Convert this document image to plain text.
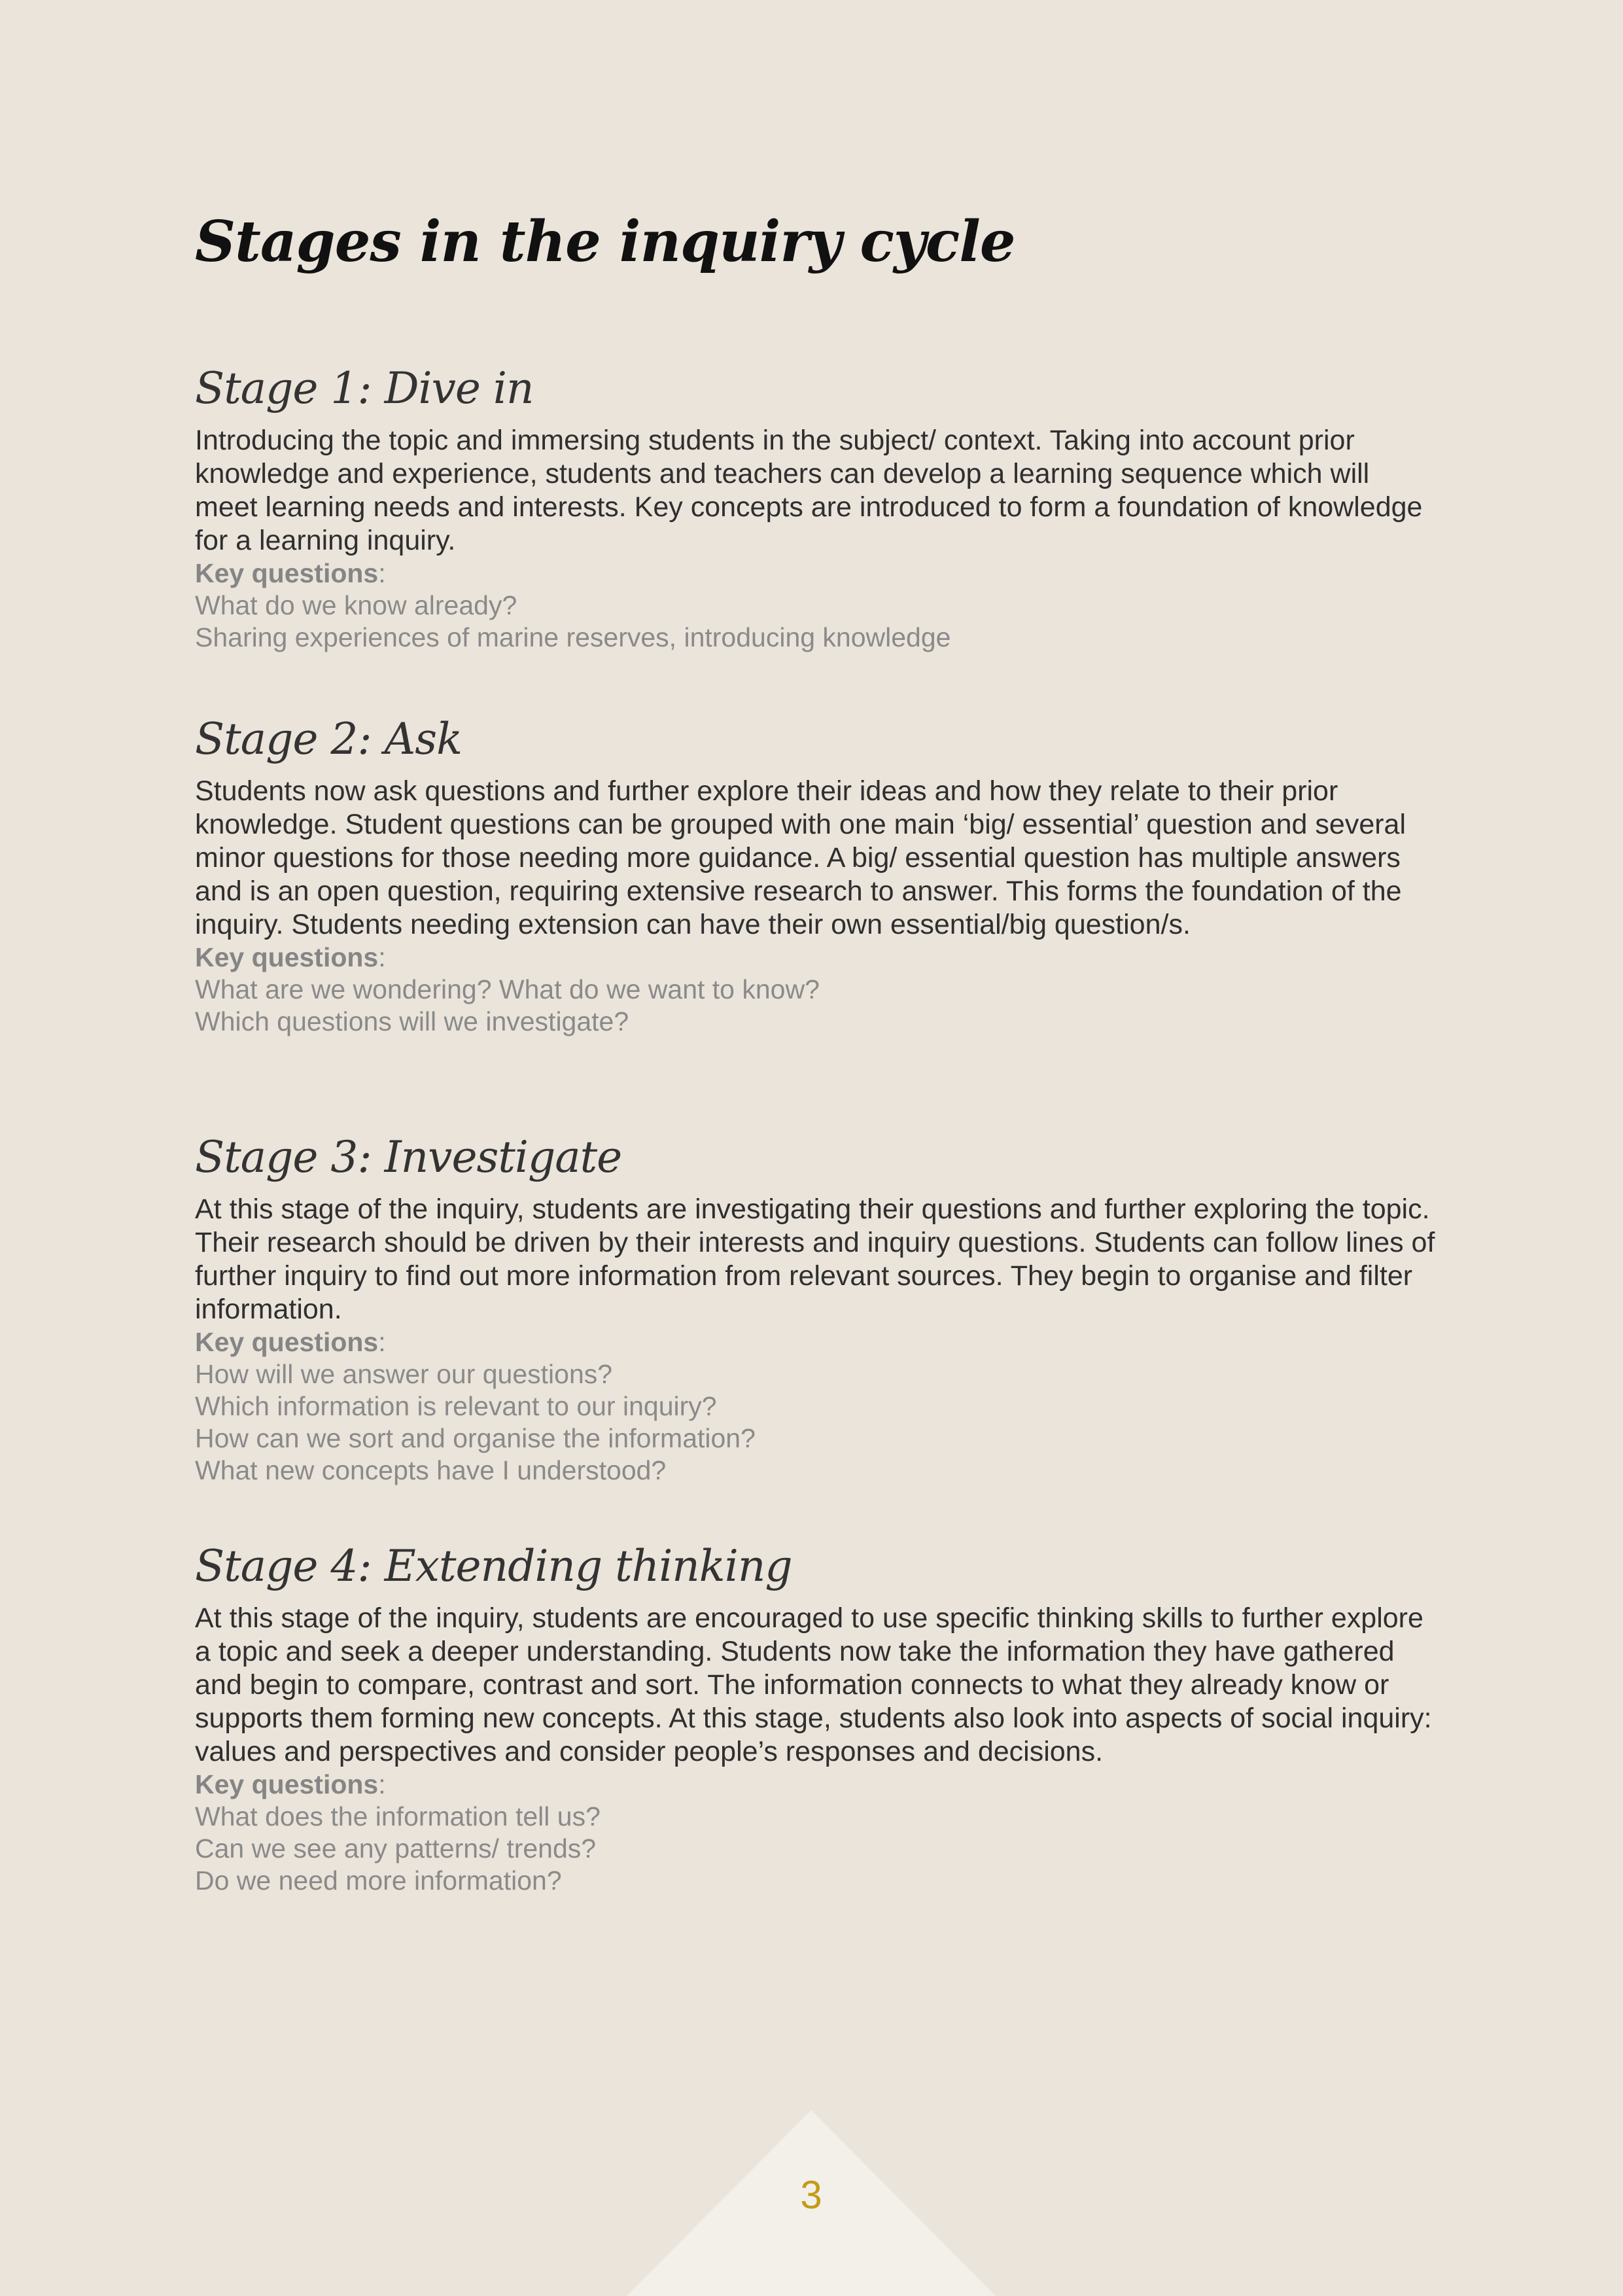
Stages in the inquiry cycle
Stage 1: Dive in

Introducing the topic and immersing students in the subject/ context. Taking into account prior knowledge and experience, students and teachers can develop a learning sequence which will meet learning needs and interests. Key concepts are introduced to form a foundation of knowledge for a learning inquiry.

Key questions:

What do we know already?

Sharing experiences of marine reserves, introducing knowledge

Stage 2: Ask

Students now ask questions and further explore their ideas and how they relate to their prior knowledge. Student questions can be grouped with one main ‘big/ essential’ question and several minor questions for those needing more guidance. A big/ essential question has multiple answers and is an open question, requiring extensive research to answer. This forms the foundation of the inquiry. Students needing extension can have their own essential/big question/s.

Key questions:

What are we wondering? What do we want to know?

Which questions will we investigate?

Stage 3: Investigate

At this stage of the inquiry, students are investigating their questions and further exploring the topic. Their research should be driven by their interests and inquiry questions. Students can follow lines of further inquiry to find out more information from relevant sources. They begin to organise and filter information.

Key questions:

How will we answer our questions?

Which information is relevant to our inquiry?

How can we sort and organise the information?

What new concepts have I understood?

Stage 4: Extending thinking

At this stage of the inquiry, students are encouraged to use specific thinking skills to further explore a topic and seek a deeper understanding. Students now take the information they have gathered and begin to compare, contrast and sort. The information connects to what they already know or supports them forming new concepts. At this stage, students also look into aspects of social inquiry: values and perspectives and consider people’s responses and decisions.

Key questions:

What does the information tell us?

Can we see any patterns/ trends?

Do we need more information?

3
